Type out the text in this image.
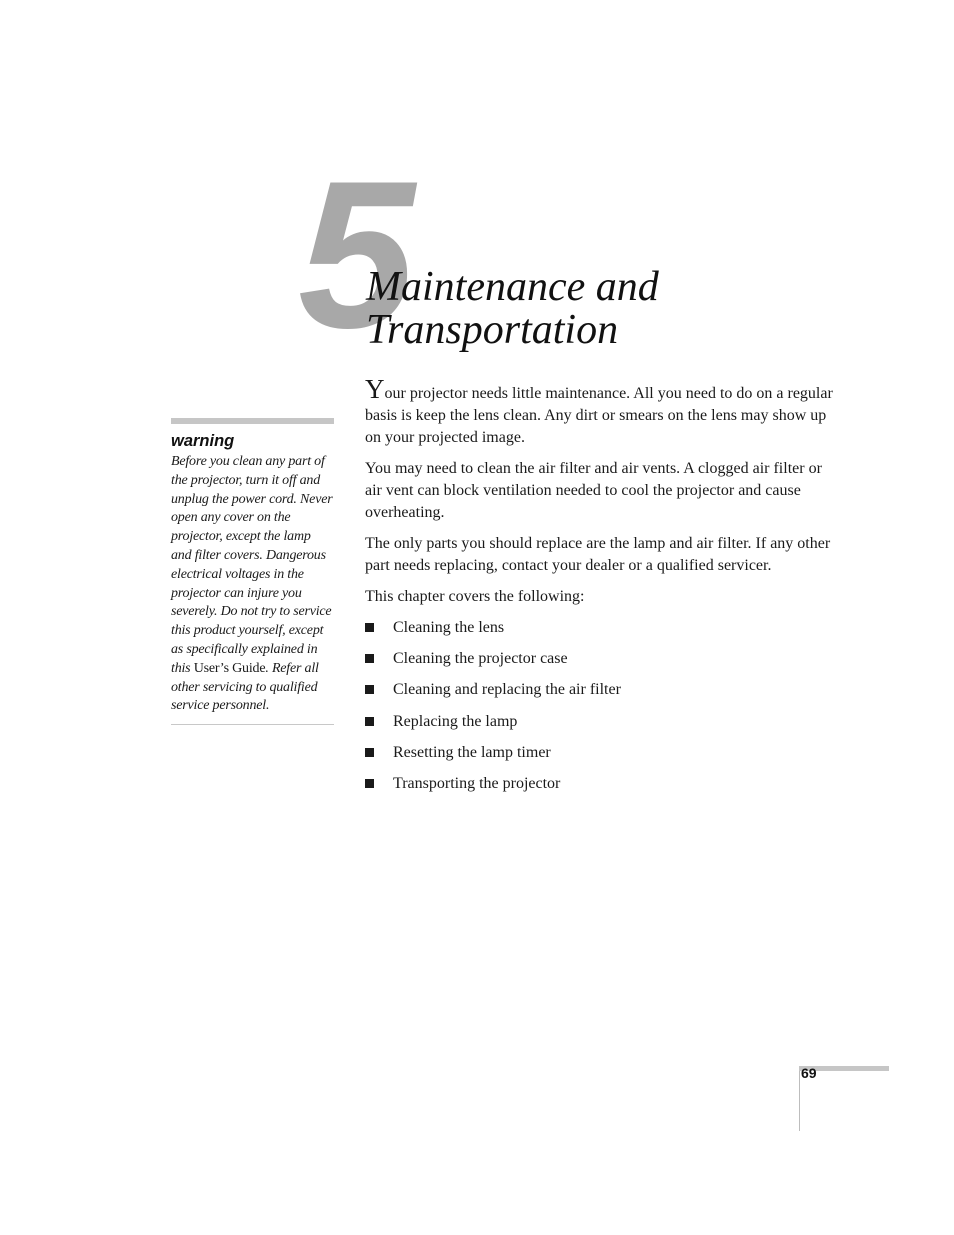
5
Maintenance and
Transportation
warning
Before you clean any part of the projector, turn it off and unplug the power cord. Never open any cover on the projector, except the lamp and filter covers. Dangerous electrical voltages in the projector can injure you severely. Do not try to service this product yourself, except as specifically explained in this User’s Guide. Refer all other servicing to qualified service personnel.

Your projector needs little maintenance. All you need to do on a regular basis is keep the lens clean. Any dirt or smears on the lens may show up on your projected image.

You may need to clean the air filter and air vents. A clogged air filter or air vent can block ventilation needed to cool the projector and cause overheating.

The only parts you should replace are the lamp and air filter. If any other part needs replacing, contact your dealer or a qualified servicer.

This chapter covers the following:

Cleaning the lens
Cleaning the projector case
Cleaning and replacing the air filter
Replacing the lamp
Resetting the lamp timer
Transporting the projector
69
